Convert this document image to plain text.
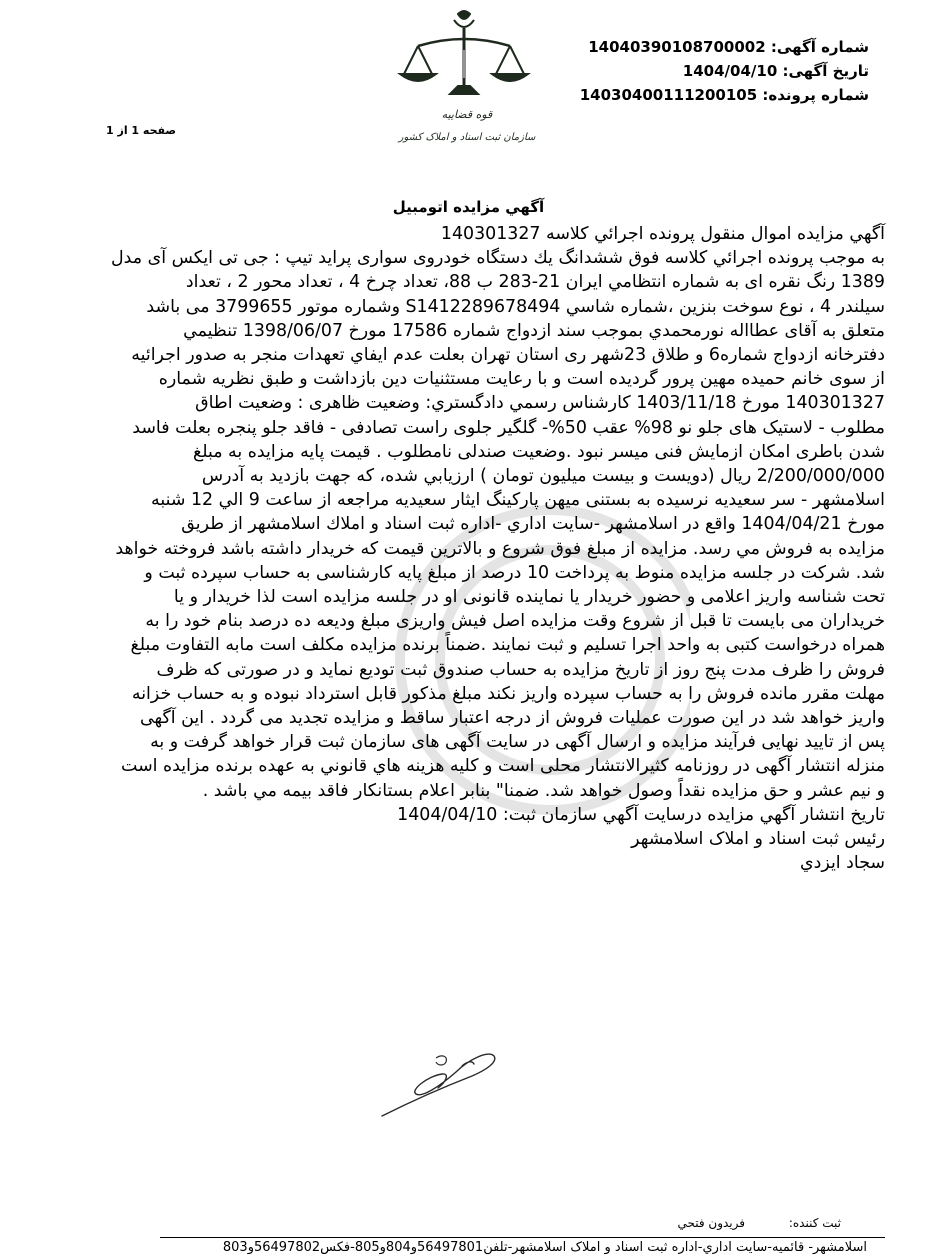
شماره آگهی: 14040390108700002
تاریخ آگهی: 1404/04/10
شماره پرونده: 14030400111200105
صفحه 1 از 1
قوه قضاییه
سازمان ثبت اسناد و املاک کشور
آگهي مزايده اتومبيل
آگهي مزايده اموال منقول پرونده اجرائي كلاسه 140301327
به موجب پرونده اجرائي كلاسه فوق ششدانگ يك دستگاه خودروی سواری پراید تیپ : جی تی ایکس آی مدل
1389 رنگ نقره ای به شماره انتظامي ايران 21-283 ب 88، تعداد چرخ 4 ، تعداد محور 2 ، تعداد
سیلندر 4 ، نوع سوخت بنزین ،شماره شاسي S1412289678494 وشماره موتور 3799655 می باشد
متعلق به آقای عطااله نورمحمدي بموجب سند ازدواج شماره 17586 مورخ 1398/06/07 تنظيمي
دفترخانه ازدواج شماره6 و طلاق 23شهر ری استان تهران بعلت عدم ايفاي تعهدات منجر به صدور اجرائيه
از سوی خانم حمیده مهین پرور گرديده است و با رعايت مستثنيات دين بازداشت و طبق نظريه شماره
140301327 مورخ 1403/11/18 كارشناس رسمي دادگستري: وضعيت ظاهری : وضعیت اطاق
مطلوب - لاستیک های جلو نو 98% عقب 50%- گلگیر جلوی راست تصادفی - فاقد جلو پنجره بعلت فاسد
شدن باطری امکان ازمایش فنی میسر نبود .وضعیت صندلی نامطلوب . قيمت پايه مزايده به مبلغ
2/200/000/000 ريال (دویست و بیست میلیون تومان ) ارزيابي شده، كه جهت بازديد به آدرس
اسلامشهر - سر سعیدیه نرسیده به بستنی میهن پارکینگ ایثار سعیدیه مراجعه از ساعت 9 الي 12 شنبه
مورخ 1404/04/21 واقع در اسلامشهر -سايت اداري -اداره ثبت اسناد و املاك اسلامشهر از طريق
مزايده به فروش مي رسد. مزايده از مبلغ فوق شروع و بالاترين قيمت كه خريدار داشته باشد فروخته خواهد
شد. شرکت در جلسه مزایده منوط به پرداخت 10 درصد از مبلغ پایه کارشناسی به حساب سپرده ثبت و
تحت شناسه واریز اعلامی و حضور خریدار یا نماینده قانونی او در جلسه مزایده است لذا خریدار و یا
خریداران می بایست تا قبل از شروع وقت مزایده اصل فیش واریزی مبلغ ودیعه ده درصد بنام خود را به
همراه درخواست کتبی به واحد اجرا تسلیم و ثبت نمایند .ضمناً برنده مزایده مکلف است مابه التفاوت مبلغ
فروش را ظرف مدت پنج روز از تاریخ مزایده به حساب صندوق ثبت تودیع نماید و در صورتی که ظرف
مهلت مقرر مانده فروش را به حساب سپرده واریز نکند مبلغ مذکور قابل استرداد نبوده و به حساب خزانه
واریز خواهد شد در این صورت عملیات فروش از درجه اعتبار ساقط و مزایده تجدید می گردد . این آگهی
پس از تایید نهایی فرآیند مزایده و ارسال آگهی در سایت آگهی های سازمان ثبت قرار خواهد گرفت و به
منزله انتشار آگهی در روزنامه کثیرالانتشار محلی است و كليه هزينه هاي قانوني به عهده برنده مزايده است
و نيم عشر و حق مزايده نقداً وصول خواهد شد. ضمنا" بنابر اعلام بستانكار فاقد بيمه مي باشد .
تاريخ انتشار آگهي مزايده درسايت آگهي سازمان ثبت: 1404/04/10
رئيس ثبت اسناد و املاک اسلامشهر
سجاد ايزدي
ثبت كننده: فريدون فتحي
اسلامشهر- قائميه-سايت اداري-اداره ثبت اسناد و املاک اسلامشهر-تلفن56497801و804و805-فکس56497802و803
